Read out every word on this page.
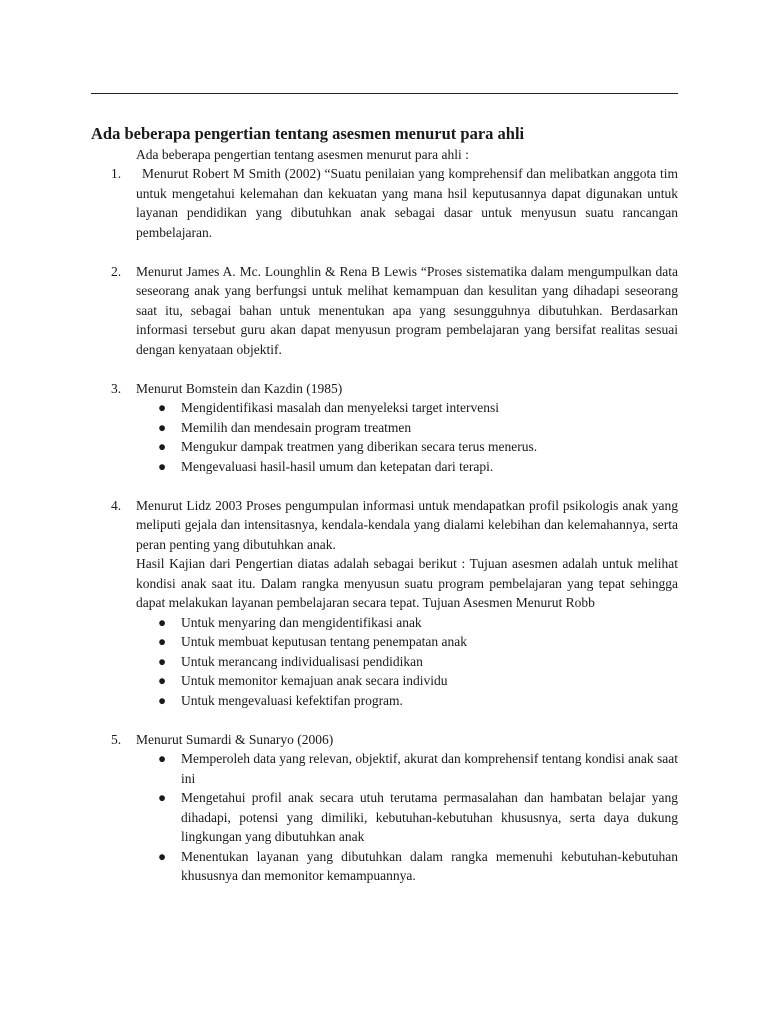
Ada beberapa pengertian tentang asesmen menurut para ahli

Ada beberapa pengertian tentang asesmen menurut para ahli :

1.	Menurut Robert M Smith (2002) “Suatu penilaian yang komprehensif dan melibatkan anggota tim untuk mengetahui kelemahan dan kekuatan yang mana hsil keputusannya dapat digunakan untuk layanan pendidikan yang dibutuhkan anak sebagai dasar untuk menyusun suatu rancangan pembelajaran.

2. Menurut James A. Mc. Lounghlin & Rena B Lewis “Proses sistematika dalam mengumpulkan data seseorang anak yang berfungsi untuk melihat kemampuan dan kesulitan yang dihadapi seseorang saat itu, sebagai bahan untuk menentukan apa yang sesungguhnya dibutuhkan. Berdasarkan informasi tersebut guru akan dapat menyusun program pembelajaran yang bersifat realitas sesuai dengan kenyataan objektif.

3. Menurut Bomstein dan Kazdin (1985)

● Mengidentifikasi masalah dan menyeleksi target intervensi
● Memilih dan mendesain program treatmen
● Mengukur dampak treatmen yang diberikan secara terus menerus.
● Mengevaluasi hasil-hasil umum dan ketepatan dari terapi.
4. Menurut Lidz 2003 Proses pengumpulan informasi untuk mendapatkan profil psikologis anak yang meliputi gejala dan intensitasnya, kendala-kendala yang dialami kelebihan dan kelemahannya, serta peran penting yang dibutuhkan anak.

Hasil Kajian dari Pengertian diatas adalah sebagai berikut : Tujuan asesmen adalah untuk melihat kondisi anak saat itu. Dalam rangka menyusun suatu program pembelajaran yang tepat sehingga dapat melakukan layanan pembelajaran secara tepat. Tujuan Asesmen Menurut Robb

● Untuk menyaring dan mengidentifikasi anak
● Untuk membuat keputusan tentang penempatan anak
● Untuk merancang individualisasi pendidikan
● Untuk memonitor kemajuan anak secara individu
● Untuk mengevaluasi kefektifan program.
5. Menurut Sumardi & Sunaryo (2006)

● Memperoleh data yang relevan, objektif, akurat dan komprehensif tentang kondisi anak saat ini
● Mengetahui profil anak secara utuh terutama permasalahan dan hambatan belajar yang dihadapi, potensi yang dimiliki, kebutuhan-kebutuhan khususnya, serta daya dukung lingkungan yang dibutuhkan anak
● Menentukan layanan yang dibutuhkan dalam rangka memenuhi kebutuhan-kebutuhan khususnya dan memonitor kemampuannya.
